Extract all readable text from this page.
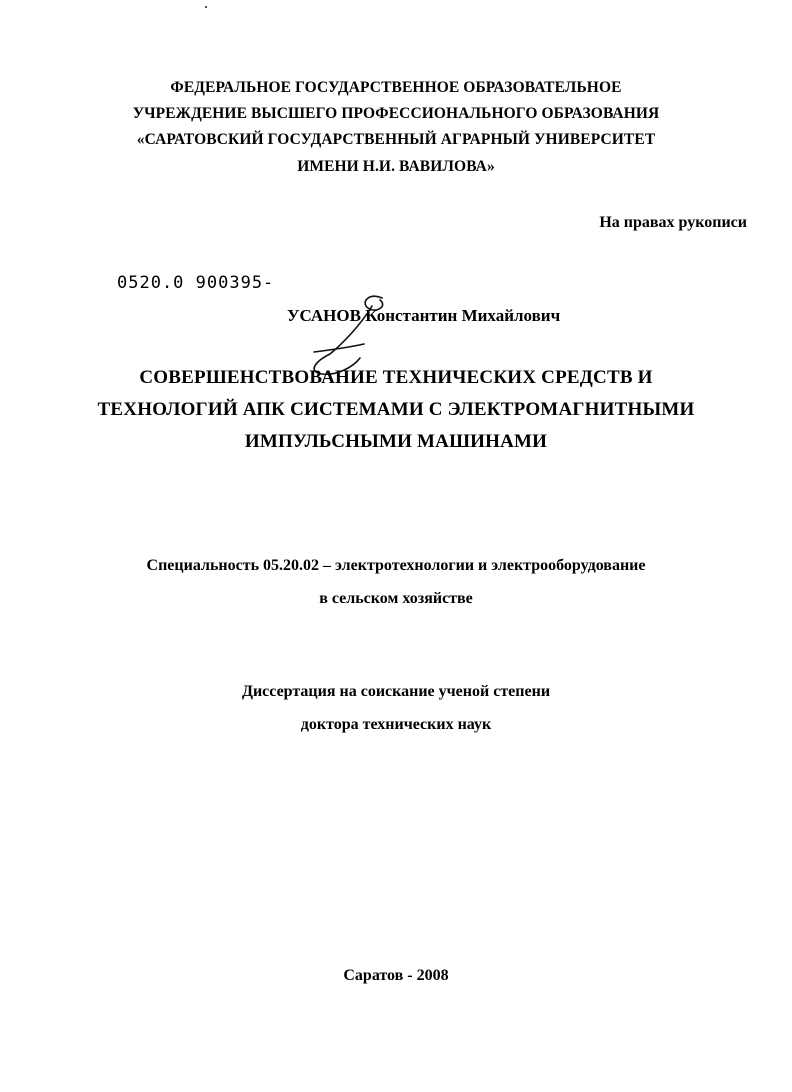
ФЕДЕРАЛЬНОЕ ГОСУДАРСТВЕННОЕ ОБРАЗОВАТЕЛЬНОЕ
УЧРЕЖДЕНИЕ ВЫСШЕГО ПРОФЕССИОНАЛЬНОГО ОБРАЗОВАНИЯ
«САРАТОВСКИЙ ГОСУДАРСТВЕННЫЙ АГРАРНЫЙ УНИВЕРСИТЕТ
ИМЕНИ Н.И. ВАВИЛОВА»
На правах рукописи
0520.0 900395-
УСАНОВ Константин Михайлович
СОВЕРШЕНСТВОВАНИЕ ТЕХНИЧЕСКИХ СРЕДСТВ И
ТЕХНОЛОГИЙ АПК СИСТЕМАМИ С ЭЛЕКТРОМАГНИТНЫМИ
ИМПУЛЬСНЫМИ МАШИНАМИ
Специальность 05.20.02 – электротехнологии и электрооборудование
в сельском хозяйстве
Диссертация на соискание ученой степени
доктора технических наук
Саратов - 2008
